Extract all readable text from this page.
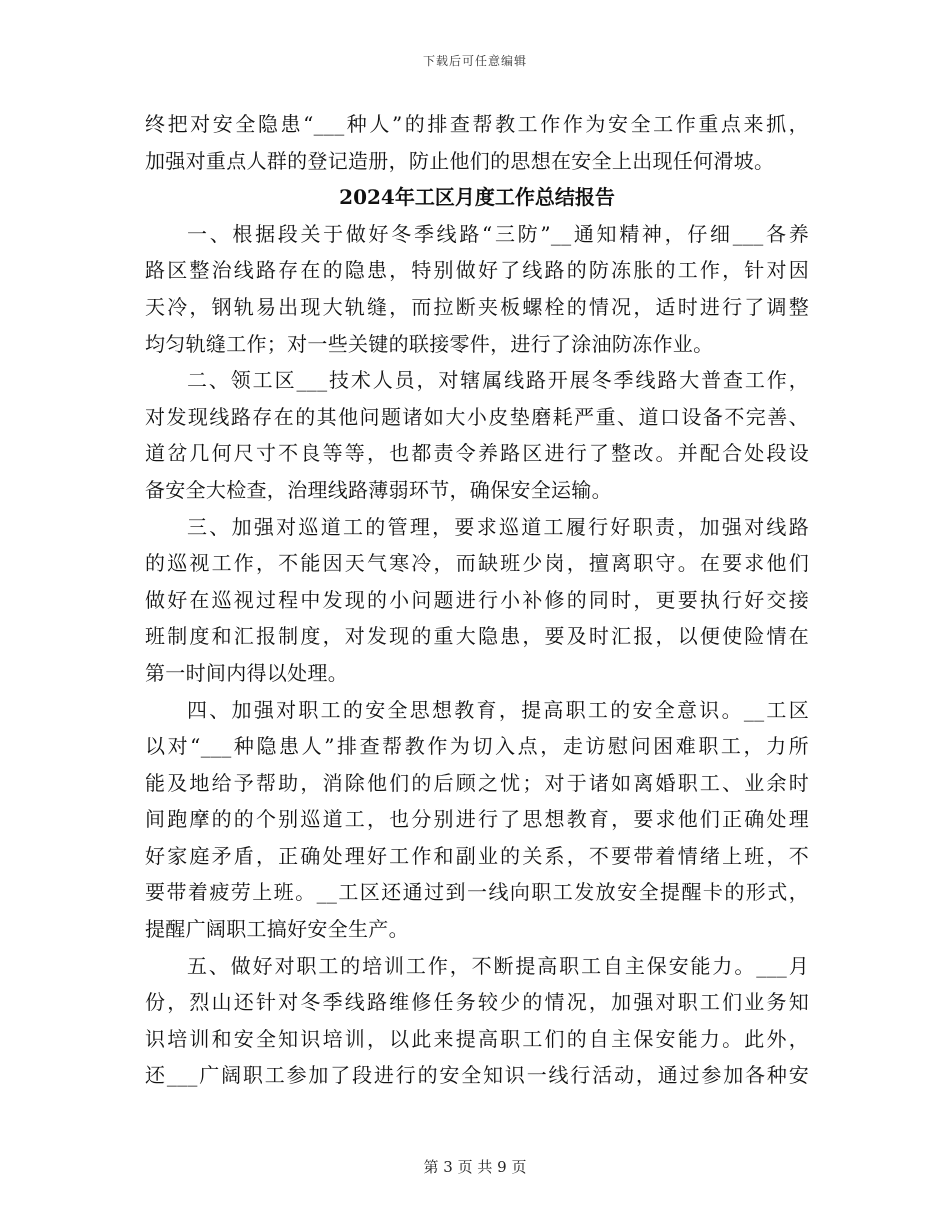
下载后可任意编辑
终把对安全隐患“___种人”的排查帮教工作作为安全工作重点来抓，
加强对重点人群的登记造册，防止他们的思想在安全上出现任何滑坡。
2024年工区月度工作总结报告
一、根据段关于做好冬季线路“三防”__通知精神，仔细___各养
路区整治线路存在的隐患，特别做好了线路的防冻胀的工作，针对因
天冷，钢轨易出现大轨缝，而拉断夹板螺栓的情况，适时进行了调整
均匀轨缝工作；对一些关键的联接零件，进行了涂油防冻作业。
二、领工区___技术人员，对辖属线路开展冬季线路大普查工作，
对发现线路存在的其他问题诸如大小皮垫磨耗严重、道口设备不完善、
道岔几何尺寸不良等等，也都责令养路区进行了整改。并配合处段设
备安全大检查，治理线路薄弱环节，确保安全运输。
三、加强对巡道工的管理，要求巡道工履行好职责，加强对线路
的巡视工作，不能因天气寒冷，而缺班少岗，擅离职守。在要求他们
做好在巡视过程中发现的小问题进行小补修的同时，更要执行好交接
班制度和汇报制度，对发现的重大隐患，要及时汇报，以便使险情在
第一时间内得以处理。
四、加强对职工的安全思想教育，提高职工的安全意识。__工区
以对“___种隐患人”排查帮教作为切入点，走访慰问困难职工，力所
能及地给予帮助，消除他们的后顾之忧；对于诸如离婚职工、业余时
间跑摩的的个别巡道工，也分别进行了思想教育，要求他们正确处理
好家庭矛盾，正确处理好工作和副业的关系，不要带着情绪上班，不
要带着疲劳上班。__工区还通过到一线向职工发放安全提醒卡的形式，
提醒广阔职工搞好安全生产。
五、做好对职工的培训工作，不断提高职工自主保安能力。___月
份，烈山还针对冬季线路维修任务较少的情况，加强对职工们业务知
识培训和安全知识培训，以此来提高职工们的自主保安能力。此外，
还___广阔职工参加了段进行的安全知识一线行活动，通过参加各种安
第 3 页 共 9 页
